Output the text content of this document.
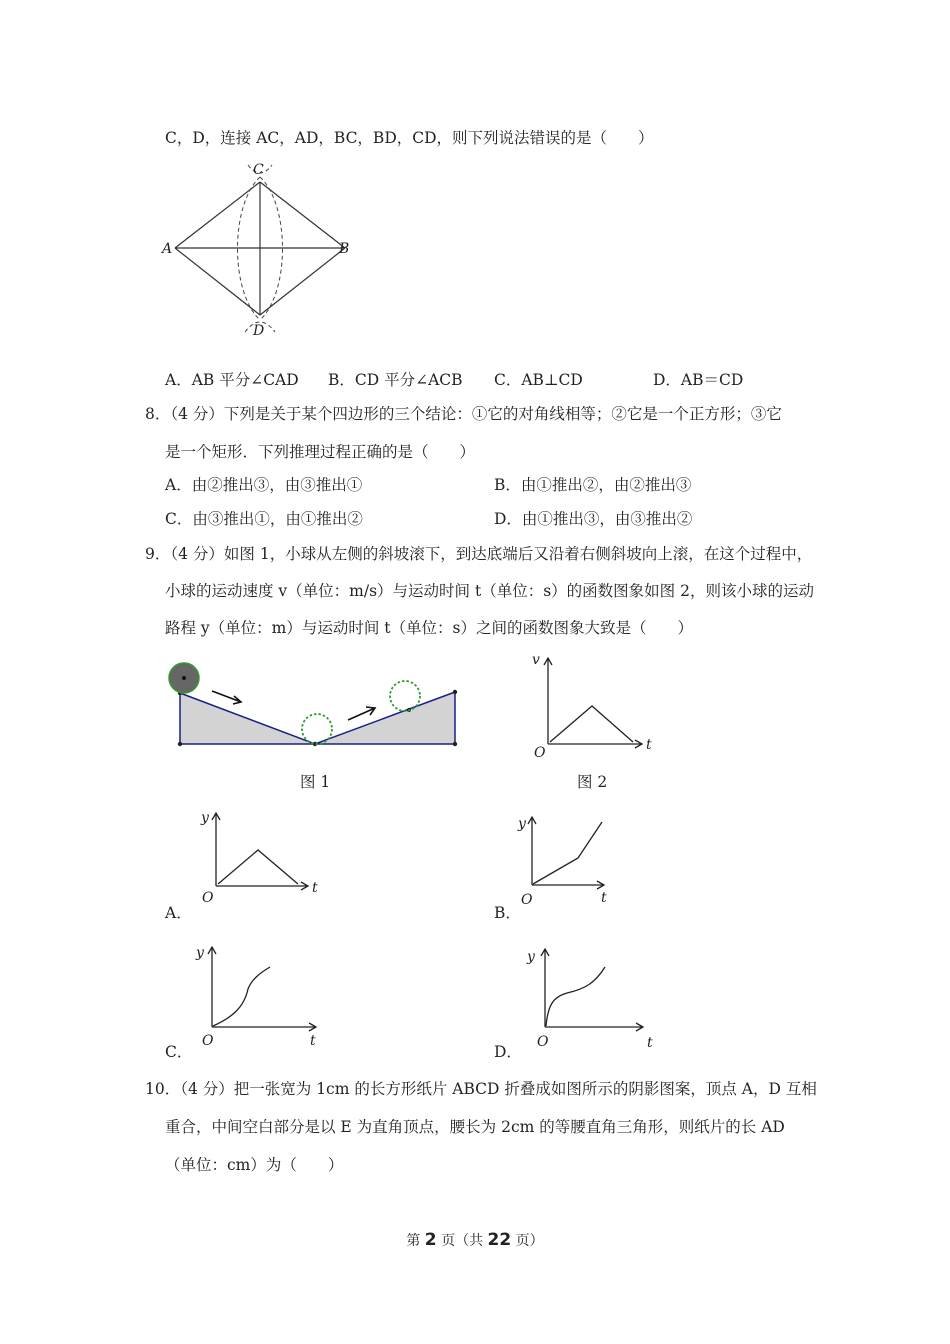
C，D，连接 AC，AD，BC，BD，CD，则下列说法错误的是（　　）
A	B
C
D
A．AB 平分∠CAD B．CD 平分∠ACB C．AB⊥CD	D．AB＝CD
8．（4 分）下列是关于某个四边形的三个结论：①它的对角线相等；②它是一个正方形；③它
是一个矩形．下列推理过程正确的是（　　）
A．由②推出③，由③推出①	B．由①推出②，由②推出③
C．由③推出①，由①推出②	D．由①推出③，由③推出②
9．（4 分）如图 1，小球从左侧的斜坡滚下，到达底端后又沿着右侧斜坡向上滚，在这个过程中，
小球的运动速度 v（单位：m/s）与运动时间 t（单位：s）的函数图象如图 2，则该小球的运动
路程 y（单位：m）与运动时间 t（单位：s）之间的函数图象大致是（　　）
图 1
v
t
O
图 2
A．
y
t
O
B．
y
t
O
C．
y
t
O
D．
y
t
O
10．（4 分）把一张宽为 1cm 的长方形纸片 ABCD 折叠成如图所示的阴影图案，顶点 A，D 互相
重合，中间空白部分是以 E 为直角顶点，腰长为 2cm 的等腰直角三角形，则纸片的长 AD
（单位：cm）为（　　）
第 2 页（共 22 页）
